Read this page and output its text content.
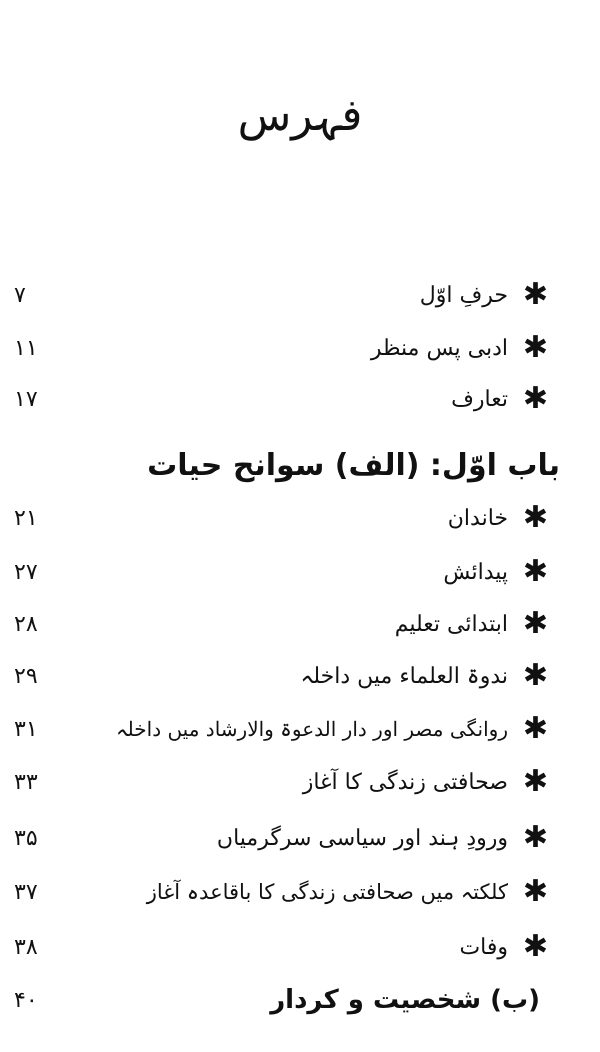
فہرس
✱
حرفِ اوّل
۷
✱
ادبی پس منظر
۱۱
✱
تعارف
۱۷
باب اوّل: (الف) سوانح حیات
✱
خاندان
۲۱
✱
پیدائش
۲۷
✱
ابتدائی تعلیم
۲۸
✱
ندوۃ العلماء میں داخلہ
۲۹
✱
روانگی مصر اور دار الدعوۃ والارشاد میں داخلہ
۳۱
✱
صحافتی زندگی کا آغاز
۳۳
✱
ورودِ ہند اور سیاسی سرگرمیاں
۳۵
✱
کلکتہ میں صحافتی زندگی کا باقاعدہ آغاز
۳۷
✱
وفات
۳۸
(ب) شخصیت و کردار
۴۰
